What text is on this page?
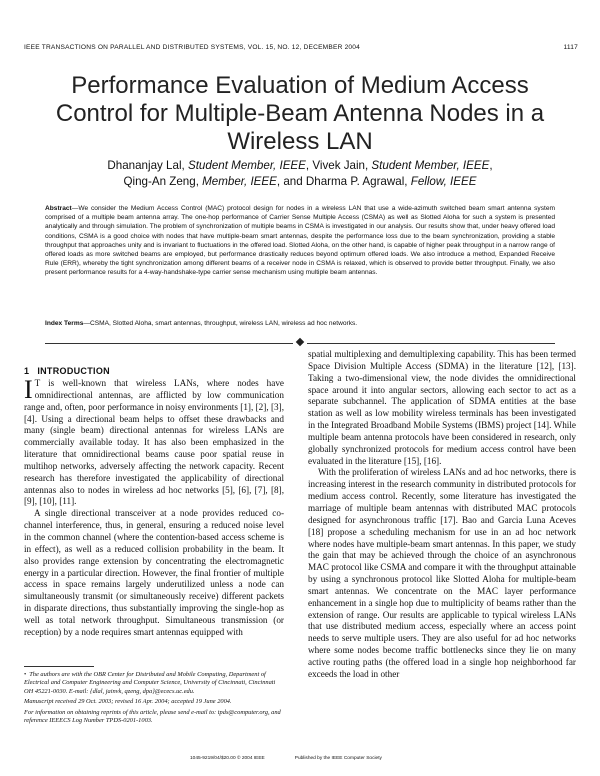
IEEE TRANSACTIONS ON PARALLEL AND DISTRIBUTED SYSTEMS, VOL. 15, NO. 12, DECEMBER 2004	1117
Performance Evaluation of Medium Access Control for Multiple-Beam Antenna Nodes in a Wireless LAN
Dhananjay Lal, Student Member, IEEE, Vivek Jain, Student Member, IEEE,
Qing-An Zeng, Member, IEEE, and Dharma P. Agrawal, Fellow, IEEE
Abstract—We consider the Medium Access Control (MAC) protocol design for nodes in a wireless LAN that use a wide-azimuth switched beam smart antenna system comprised of a multiple beam antenna array. The one-hop performance of Carrier Sense Multiple Access (CSMA) as well as Slotted Aloha for such a system is presented analytically and through simulation. The problem of synchronization of multiple beams in CSMA is investigated in our analysis. Our results show that, under heavy offered load conditions, CSMA is a good choice with nodes that have multiple-beam smart antennas, despite the performance loss due to the beam synchronization, providing a stable throughput that approaches unity and is invariant to fluctuations in the offered load. Slotted Aloha, on the other hand, is capable of higher peak throughput in a narrow range of offered loads as more switched beams are employed, but performance drastically reduces beyond optimum offered loads. We also introduce a method, Expanded Receive Rule (ERR), whereby the tight synchronization among different beams of a receiver node in CSMA is relaxed, which is observed to provide better throughput. Finally, we also present performance results for a 4-way-handshake-type carrier sense mechanism using multiple beam antennas.
Index Terms—CSMA, Slotted Aloha, smart antennas, throughput, wireless LAN, wireless ad hoc networks.
1 INTRODUCTION

I T is well-known that wireless LANs, where nodes have omnidirectional antennas, are afflicted by low communication range and, often, poor performance in noisy environments [1], [2], [3], [4]. Using a directional beam helps to offset these drawbacks and many (single beam) directional antennas for wireless LANs are commercially available today. It has also been emphasized in the literature that omnidirectional beams cause poor spatial reuse in multihop networks, adversely affecting the network capacity. Recent research has therefore investigated the applicability of directional antennas also to nodes in wireless ad hoc networks [5], [6], [7], [8], [9], [10], [11].

A single directional transceiver at a node provides reduced co-channel interference, thus, in general, ensuring a reduced noise level in the common channel (where the contention-based access scheme is in effect), as well as a reduced collision probability in the beam. It also provides range extension by concentrating the electromagnetic energy in a particular direction. However, the final frontier of multiple access in space remains largely underutilized unless a node can simultaneously transmit (or simultaneously receive) different packets in disparate directions, thus substantially improving the single-hop as well as total network throughput. Simultaneous transmission (or reception) by a node requires smart antennas equipped with

spatial multiplexing and demultiplexing capability. This has been termed Space Division Multiple Access (SDMA) in the literature [12], [13]. Taking a two-dimensional view, the node divides the omnidirectional space around it into angular sectors, allowing each sector to act as a separate subchannel. The application of SDMA entities at the base station as well as low mobility wireless terminals has been investigated in the Integrated Broadband Mobile Systems (IBMS) project [14]. While multiple beam antenna protocols have been considered in research, only globally synchronized protocols for medium access control have been evaluated in the literature [15], [16].

With the proliferation of wireless LANs and ad hoc networks, there is increasing interest in the research community in distributed protocols for medium access control. Recently, some literature has investigated the marriage of multiple beam antennas with distributed MAC protocols designed for asynchronous traffic [17]. Bao and Garcia Luna Aceves [18] propose a scheduling mechanism for use in an ad hoc network where nodes have multiple-beam smart antennas. In this paper, we study the gain that may be achieved through the choice of an asynchronous MAC protocol like CSMA and compare it with the throughput attainable by using a synchronous protocol like Slotted Aloha for multiple-beam smart antennas. We concentrate on the MAC layer performance enhancement in a single hop due to multiplicity of beams rather than the extension of range. Our results are applicable to typical wireless LANs that use distributed medium access, especially where an access point needs to serve multiple users. They are also useful for ad hoc networks where some nodes become traffic bottlenecks since they lie on many active routing paths (the offered load in a single hop neighborhood far exceeds the load in other

• The authors are with the OBR Center for Distributed and Mobile Computing, Department of Electrical and Computer Engineering and Computer Science, University of Cincinnati, Cincinnati OH 45221-0030. E-mail: {dlal, jainvk, qzeng, dpa}@ececs.uc.edu.

Manuscript received 29 Oct. 2003; revised 16 Apr. 2004; accepted 19 June 2004.

For information on obtaining reprints of this article, please send e-mail to: tpds@computer.org, and reference IEEECS Log Number TPDS-0201-1003.

1045-9219/04/$20.00 © 2004 IEEE	Published by the IEEE Computer Society
